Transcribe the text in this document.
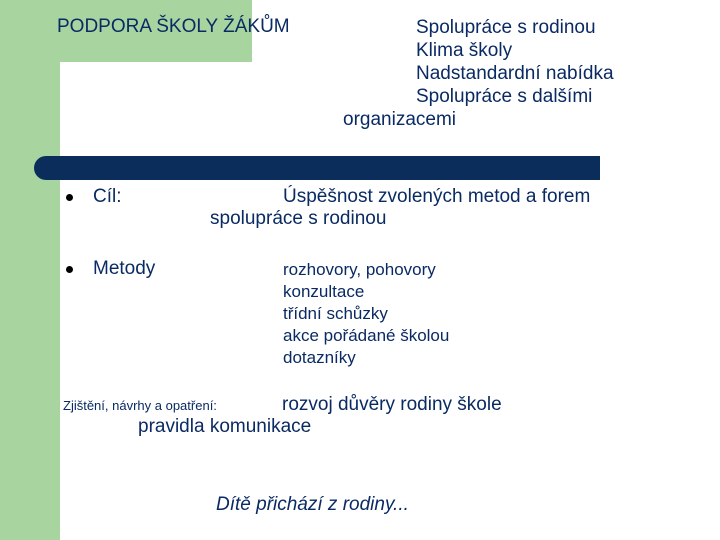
PODPORA ŠKOLY ŽÁKŮM	Spolupráce s rodinou
Klima školy
Nadstandardní nabídka
Spolupráce s dalšími
organizacemi
Cíl:	Úspěšnost zvolených metod a forem
spolupráce s rodinou
Metody	rozhovory, pohovory
konzultace
třídní schůzky
akce pořádané školou
dotazníky
Zjištění, návrhy a opatření:	rozvoj důvěry rodiny škole
pravidla komunikace
Dítě přichází z rodiny...
